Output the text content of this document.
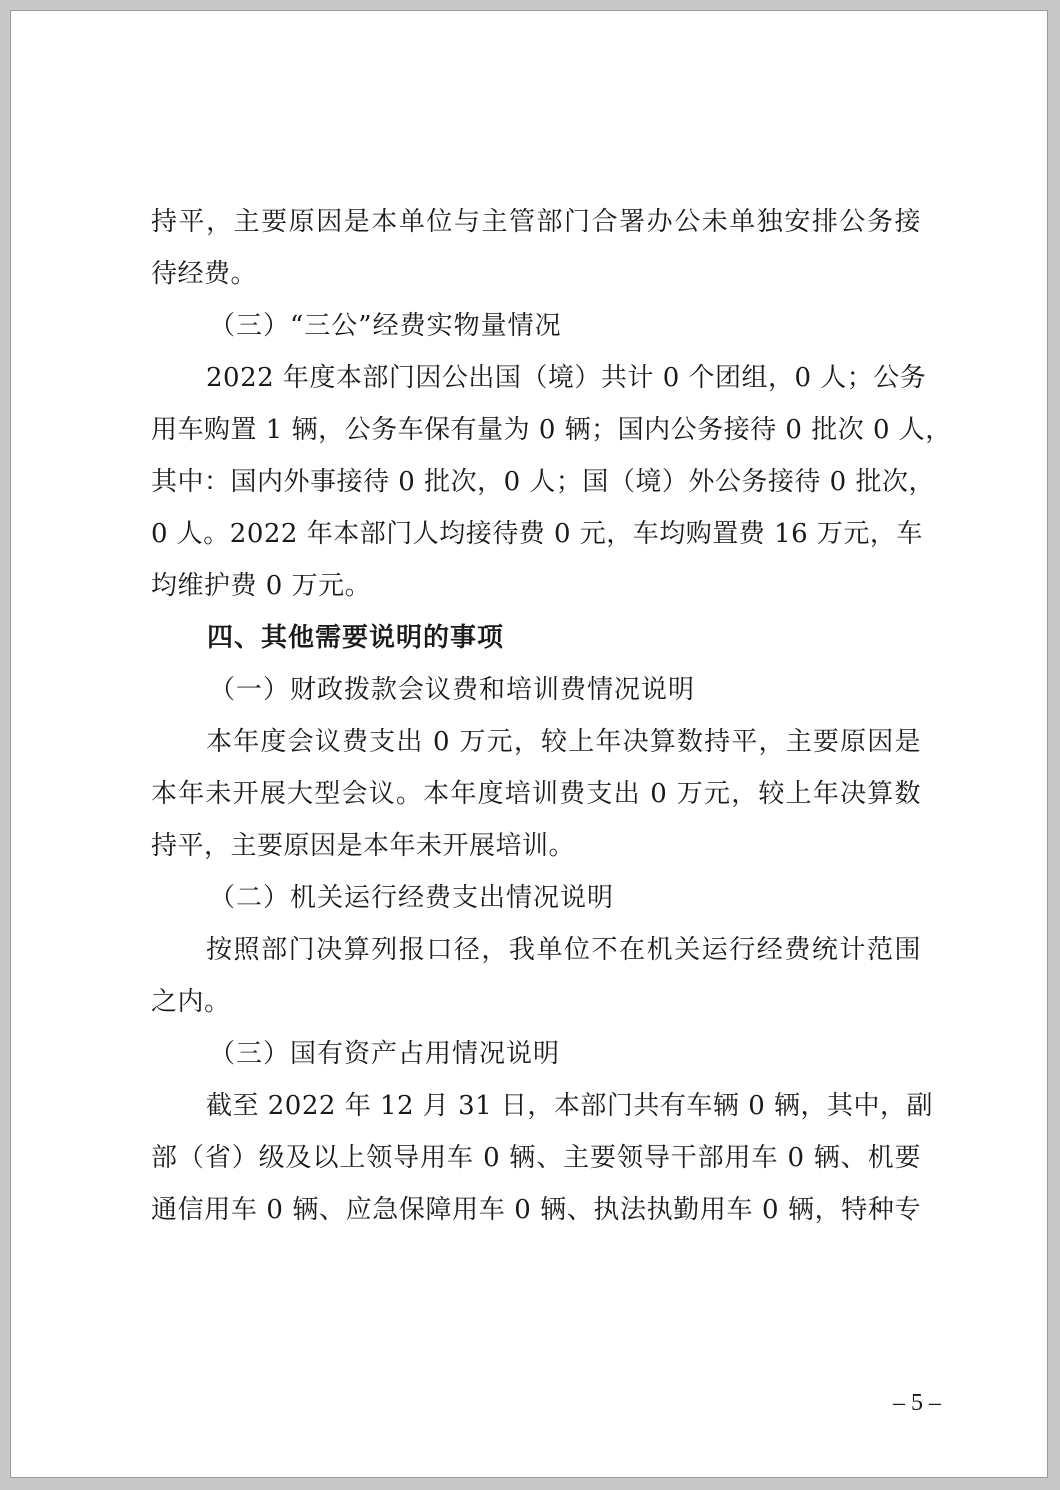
持平，主要原因是本单位与主管部门合署办公未单独安排公务接
待经费。
（三）“三公”经费实物量情况
2022 年度本部门因公出国（境）共计 0 个团组，0 人；公务
用车购置 1 辆，公务车保有量为 0 辆；国内公务接待 0 批次 0 人，
其中：国内外事接待 0 批次，0 人；国（境）外公务接待 0 批次，
0 人。2022 年本部门人均接待费 0 元，车均购置费 16 万元，车
均维护费 0 万元。
四、其他需要说明的事项
（一）财政拨款会议费和培训费情况说明
本年度会议费支出 0 万元，较上年决算数持平，主要原因是
本年未开展大型会议。本年度培训费支出 0 万元，较上年决算数
持平，主要原因是本年未开展培训。
（二）机关运行经费支出情况说明
按照部门决算列报口径，我单位不在机关运行经费统计范围
之内。
（三）国有资产占用情况说明
截至 2022 年 12 月 31 日，本部门共有车辆 0 辆，其中，副
部（省）级及以上领导用车 0 辆、主要领导干部用车 0 辆、机要
通信用车 0 辆、应急保障用车 0 辆、执法执勤用车 0 辆，特种专
– 5 –
